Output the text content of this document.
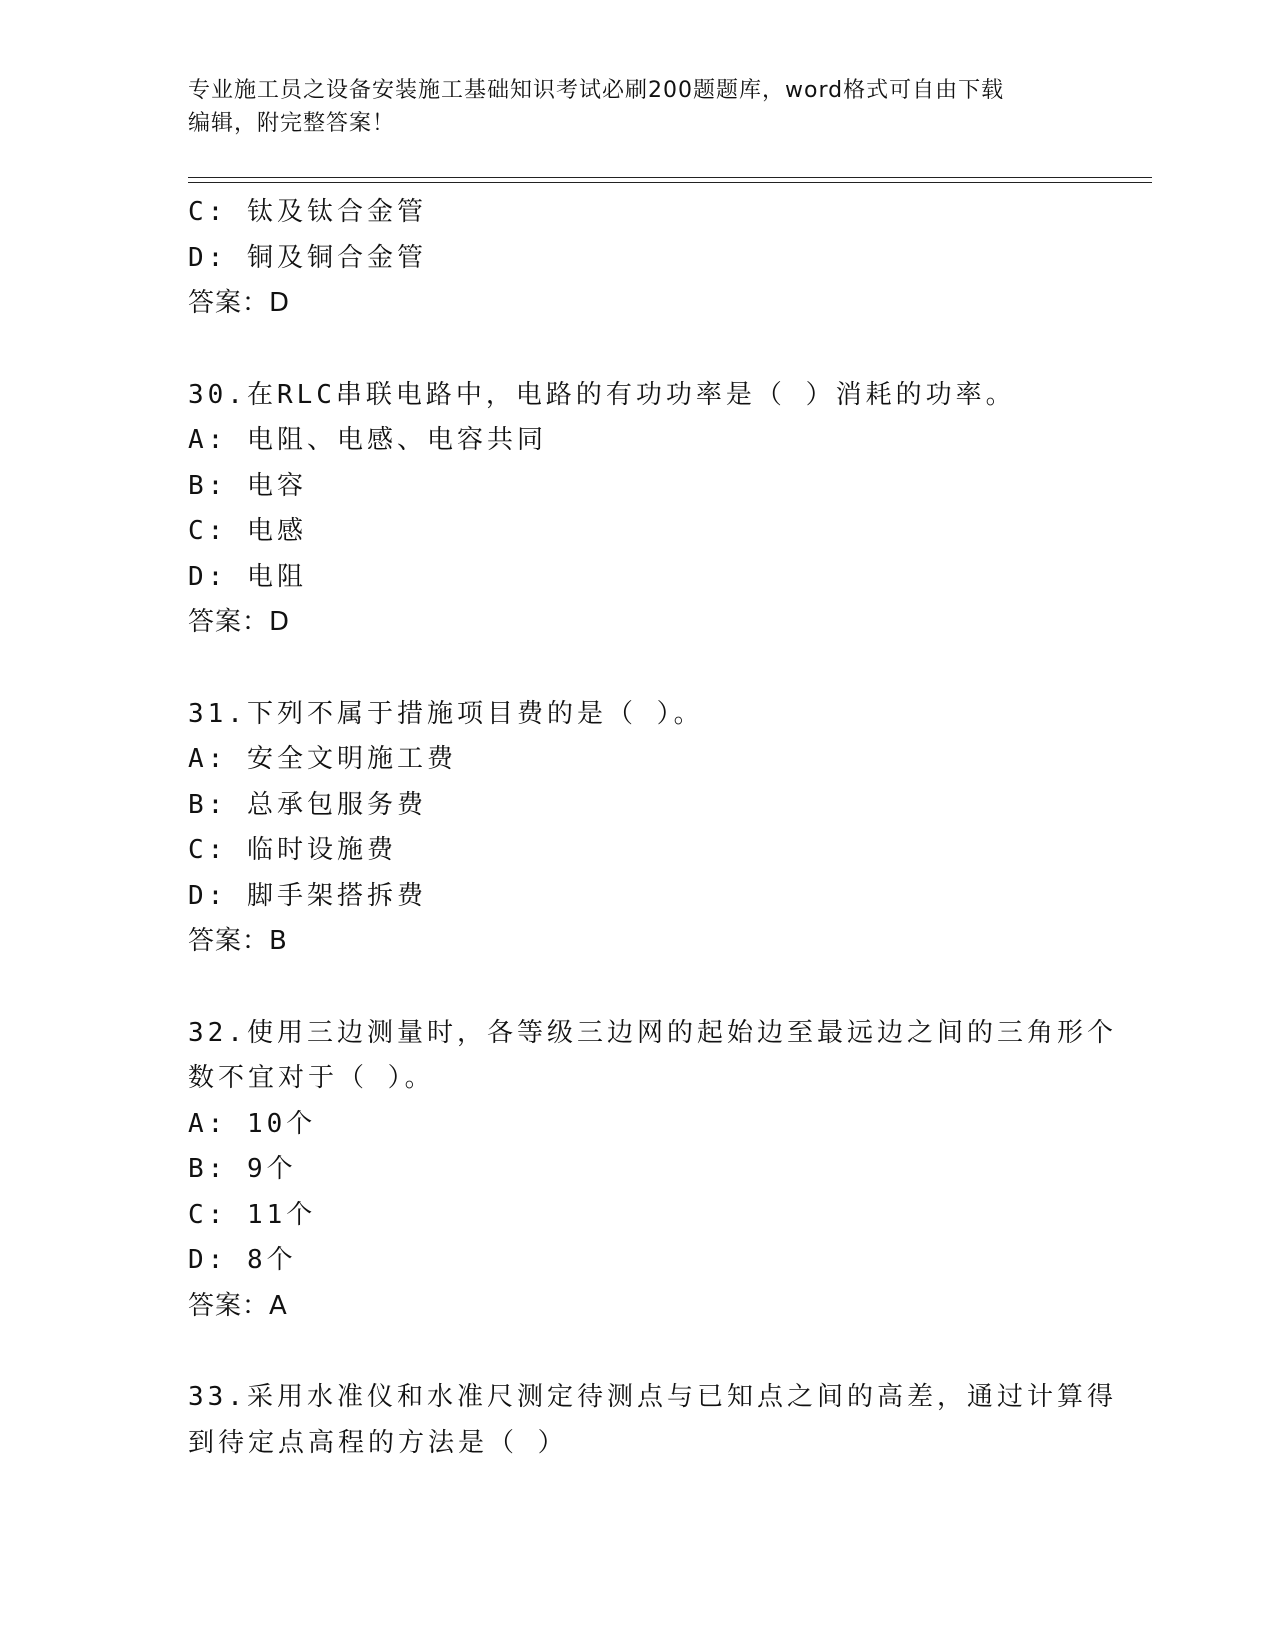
专业施工员之设备安装施工基础知识考试必刷200题题库，word格式可自由下载
编辑，附完整答案！
C: 钛及钛合金管
D: 铜及铜合金管
答案：D
30.在RLC串联电路中，电路的有功功率是（ ）消耗的功率。
A: 电阻、电感、电容共同
B: 电容
C: 电感
D: 电阻
答案：D
31.下列不属于措施项目费的是（ ）。
A: 安全文明施工费
B: 总承包服务费
C: 临时设施费
D: 脚手架搭拆费
答案：B
32.使用三边测量时，各等级三边网的起始边至最远边之间的三角形个
数不宜对于（ ）。
A: 10个
B: 9个
C: 11个
D: 8个
答案：A
33.采用水准仪和水准尺测定待测点与已知点之间的高差，通过计算得
到待定点高程的方法是（ ）
